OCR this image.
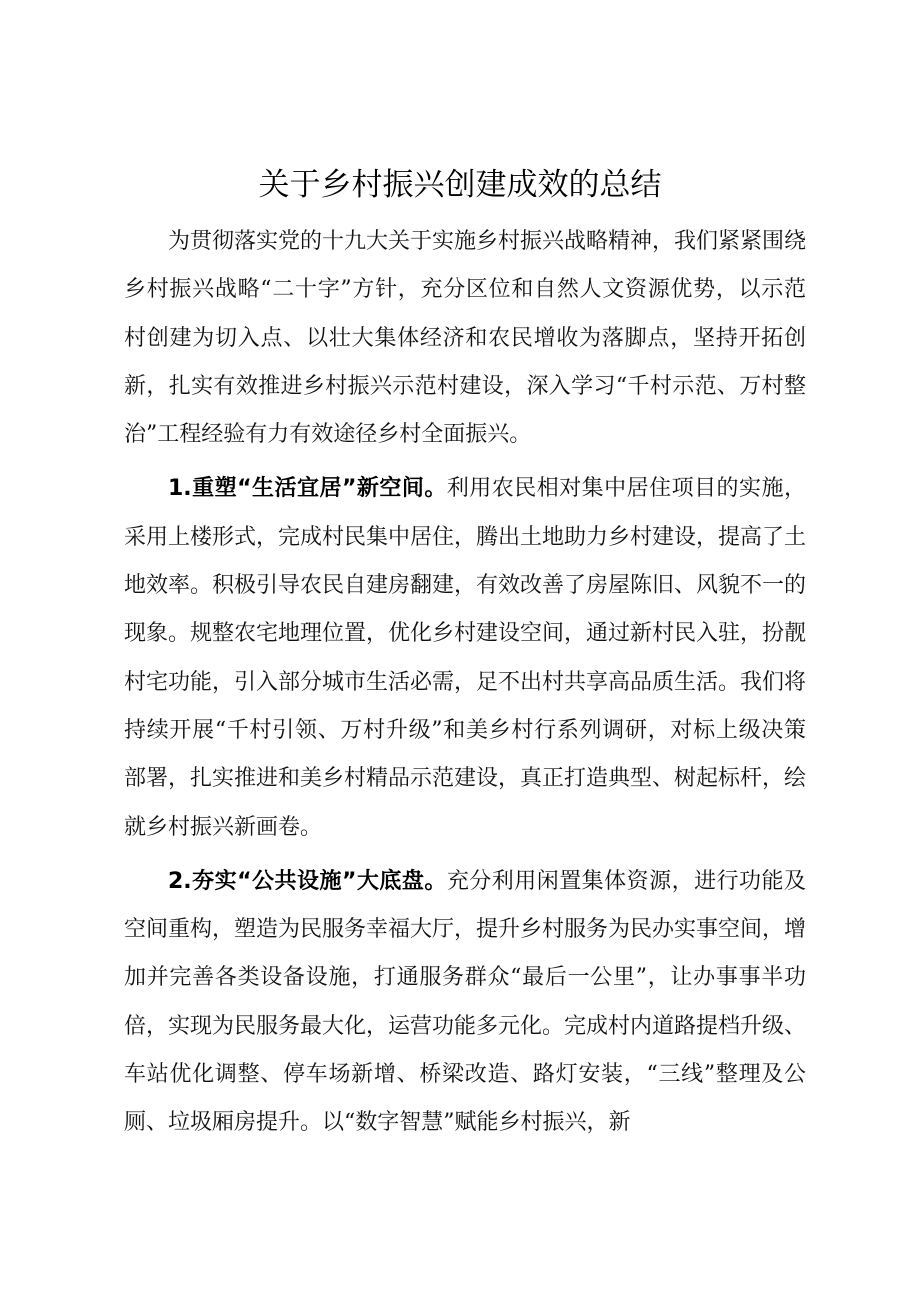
关于乡村振兴创建成效的总结

为贯彻落实党的十九大关于实施乡村振兴战略精神，我们紧紧围绕乡村振兴战略“二十字”方针，充分区位和自然人文资源优势，以示范村创建为切入点、以壮大集体经济和农民增收为落脚点，坚持开拓创新，扎实有效推进乡村振兴示范村建设，深入学习“千村示范、万村整治”工程经验有力有效途径乡村全面振兴。

1.重塑“生活宜居”新空间。利用农民相对集中居住项目的实施，采用上楼形式，完成村民集中居住，腾出土地助力乡村建设，提高了土地效率。积极引导农民自建房翻建，有效改善了房屋陈旧、风貌不一的现象。规整农宅地理位置，优化乡村建设空间，通过新村民入驻，扮靓村宅功能，引入部分城市生活必需，足不出村共享高品质生活。我们将持续开展“千村引领、万村升级”和美乡村行系列调研，对标上级决策部署，扎实推进和美乡村精品示范建设，真正打造典型、树起标杆，绘就乡村振兴新画卷。

2.夯实“公共设施”大底盘。充分利用闲置集体资源，进行功能及空间重构，塑造为民服务幸福大厅，提升乡村服务为民办实事空间，增加并完善各类设备设施，打通服务群众“最后一公里”，让办事事半功倍，实现为民服务最大化，运营功能多元化。完成村内道路提档升级、车站优化调整、停车场新增、桥梁改造、路灯安装，“三线”整理及公厕、垃圾厢房提升。以“数字智慧”赋能乡村振兴，新
